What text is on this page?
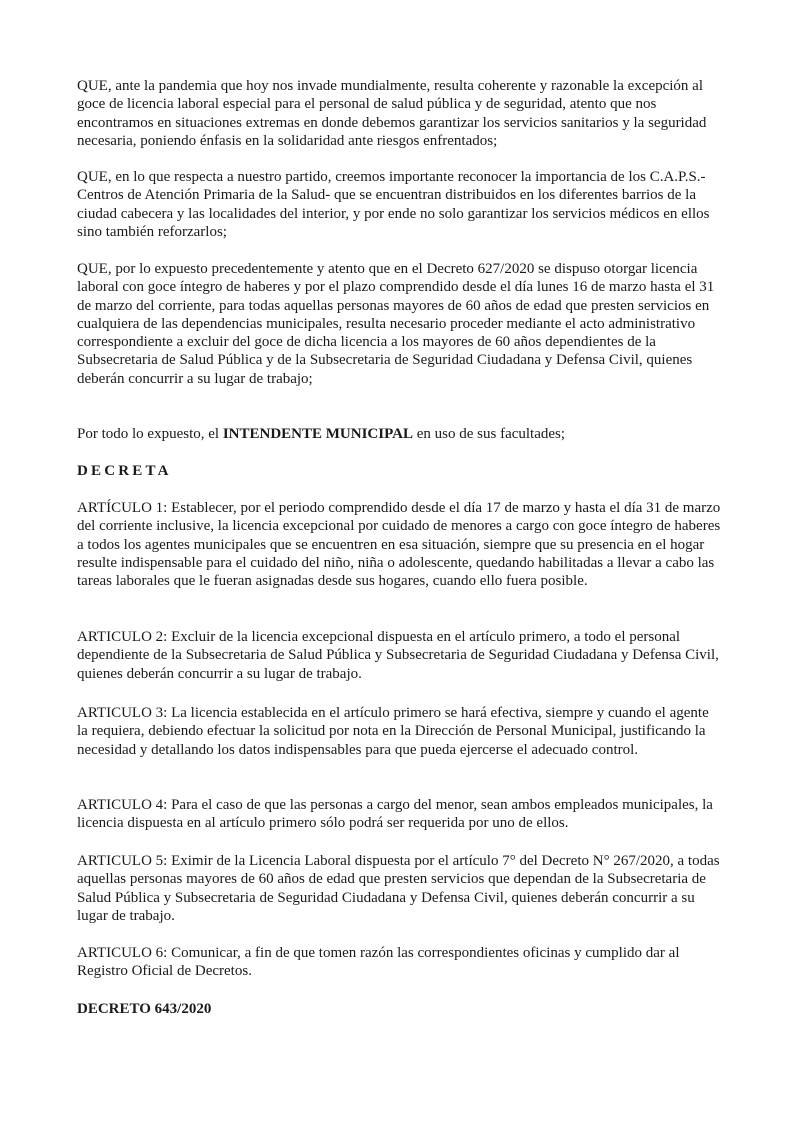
QUE, ante la pandemia que hoy nos invade mundialmente, resulta coherente y razonable la excepción al goce de licencia laboral especial para el personal de salud pública y de seguridad, atento que nos encontramos en situaciones extremas en donde debemos garantizar los servicios sanitarios y la seguridad necesaria, poniendo énfasis en la solidaridad ante riesgos enfrentados;

QUE, en lo que respecta a nuestro partido, creemos importante reconocer la importancia de los C.A.P.S.- Centros de Atención Primaria de la Salud- que se encuentran distribuidos en los diferentes barrios de la ciudad cabecera y las localidades del interior, y por ende no solo garantizar los servicios médicos en ellos sino también reforzarlos;

QUE, por lo expuesto precedentemente y atento que en el Decreto 627/2020 se dispuso otorgar licencia laboral con goce íntegro de haberes y por el plazo comprendido desde el día lunes 16 de marzo hasta el 31 de marzo del corriente, para todas aquellas personas mayores de 60 años de edad que presten servicios en cualquiera de las dependencias municipales, resulta necesario proceder mediante el acto administrativo correspondiente a excluir del goce de dicha licencia a los mayores de 60 años dependientes de la Subsecretaria de Salud Pública y de la Subsecretaria de Seguridad Ciudadana y Defensa Civil, quienes deberán concurrir a su lugar de trabajo;

Por todo lo expuesto, el INTENDENTE MUNICIPAL en uso de sus facultades;

DECRETA

ARTÍCULO 1: Establecer, por el periodo comprendido desde el día 17 de marzo y hasta el día 31 de marzo del corriente inclusive, la licencia excepcional por cuidado de menores a cargo con goce íntegro de haberes a todos los agentes municipales que se encuentren en esa situación, siempre que su presencia en el hogar resulte indispensable para el cuidado del niño, niña o adolescente, quedando habilitadas a llevar a cabo las tareas laborales que le fueran asignadas desde sus hogares, cuando ello fuera posible.

ARTICULO 2: Excluir de la licencia excepcional dispuesta en el artículo primero, a todo el personal dependiente de la Subsecretaria de Salud Pública y Subsecretaria de Seguridad Ciudadana y Defensa Civil, quienes deberán concurrir a su lugar de trabajo.

ARTICULO 3: La licencia establecida en el artículo primero se hará efectiva, siempre y cuando el agente la requiera, debiendo efectuar la solicitud por nota en la Dirección de Personal Municipal, justificando la necesidad y detallando los datos indispensables para que pueda ejercerse el adecuado control.

ARTICULO 4: Para el caso de que las personas a cargo del menor, sean ambos empleados municipales, la licencia dispuesta en al artículo primero sólo podrá ser requerida por uno de ellos.

ARTICULO 5: Eximir de la Licencia Laboral dispuesta por el artículo 7° del Decreto N° 267/2020, a todas aquellas personas mayores de 60 años de edad que presten servicios que dependan de la Subsecretaria de Salud Pública y Subsecretaria de Seguridad Ciudadana y Defensa Civil, quienes deberán concurrir a su lugar de trabajo.

ARTICULO 6: Comunicar, a fin de que tomen razón las correspondientes oficinas y cumplido dar al Registro Oficial de Decretos.

DECRETO 643/2020
